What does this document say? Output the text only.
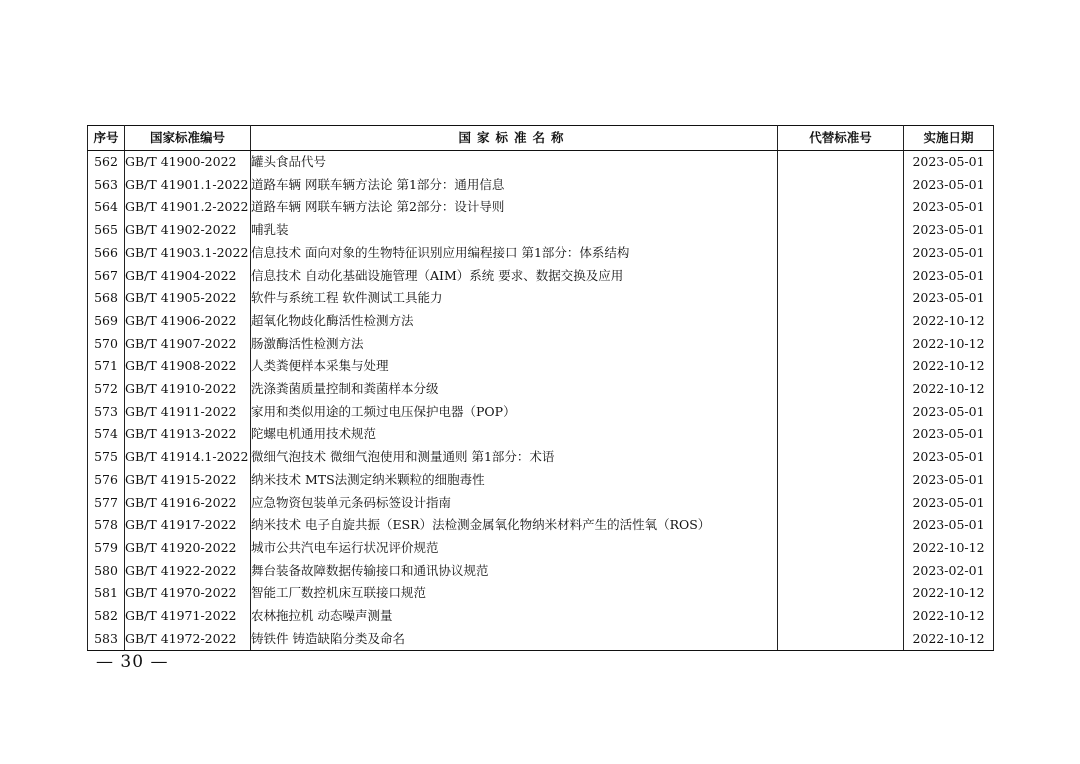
序号	国家标准编号	国家标准名称	代替标准号	实施日期
562	GB/T 41900-2022	罐头食品代号		2023-05-01
563	GB/T 41901.1-2022	道路车辆 网联车辆方法论 第1部分：通用信息		2023-05-01
564	GB/T 41901.2-2022	道路车辆 网联车辆方法论 第2部分：设计导则		2023-05-01
565	GB/T 41902-2022	哺乳装		2023-05-01
566	GB/T 41903.1-2022	信息技术 面向对象的生物特征识别应用编程接口 第1部分：体系结构		2023-05-01
567	GB/T 41904-2022	信息技术 自动化基础设施管理（AIM）系统 要求、数据交换及应用		2023-05-01
568	GB/T 41905-2022	软件与系统工程 软件测试工具能力		2023-05-01
569	GB/T 41906-2022	超氧化物歧化酶活性检测方法		2022-10-12
570	GB/T 41907-2022	肠激酶活性检测方法		2022-10-12
571	GB/T 41908-2022	人类粪便样本采集与处理		2022-10-12
572	GB/T 41910-2022	洗涤粪菌质量控制和粪菌样本分级		2022-10-12
573	GB/T 41911-2022	家用和类似用途的工频过电压保护电器（POP）		2023-05-01
574	GB/T 41913-2022	陀螺电机通用技术规范		2023-05-01
575	GB/T 41914.1-2022	微细气泡技术 微细气泡使用和测量通则 第1部分：术语		2023-05-01
576	GB/T 41915-2022	纳米技术 MTS法测定纳米颗粒的细胞毒性		2023-05-01
577	GB/T 41916-2022	应急物资包装单元条码标签设计指南		2023-05-01
578	GB/T 41917-2022	纳米技术 电子自旋共振（ESR）法检测金属氧化物纳米材料产生的活性氧（ROS）		2023-05-01
579	GB/T 41920-2022	城市公共汽电车运行状况评价规范		2022-10-12
580	GB/T 41922-2022	舞台装备故障数据传输接口和通讯协议规范		2023-02-01
581	GB/T 41970-2022	智能工厂数控机床互联接口规范		2022-10-12
582	GB/T 41971-2022	农林拖拉机 动态噪声测量		2022-10-12
583	GB/T 41972-2022	铸铁件 铸造缺陷分类及命名		2022-10-12
— 30 —
